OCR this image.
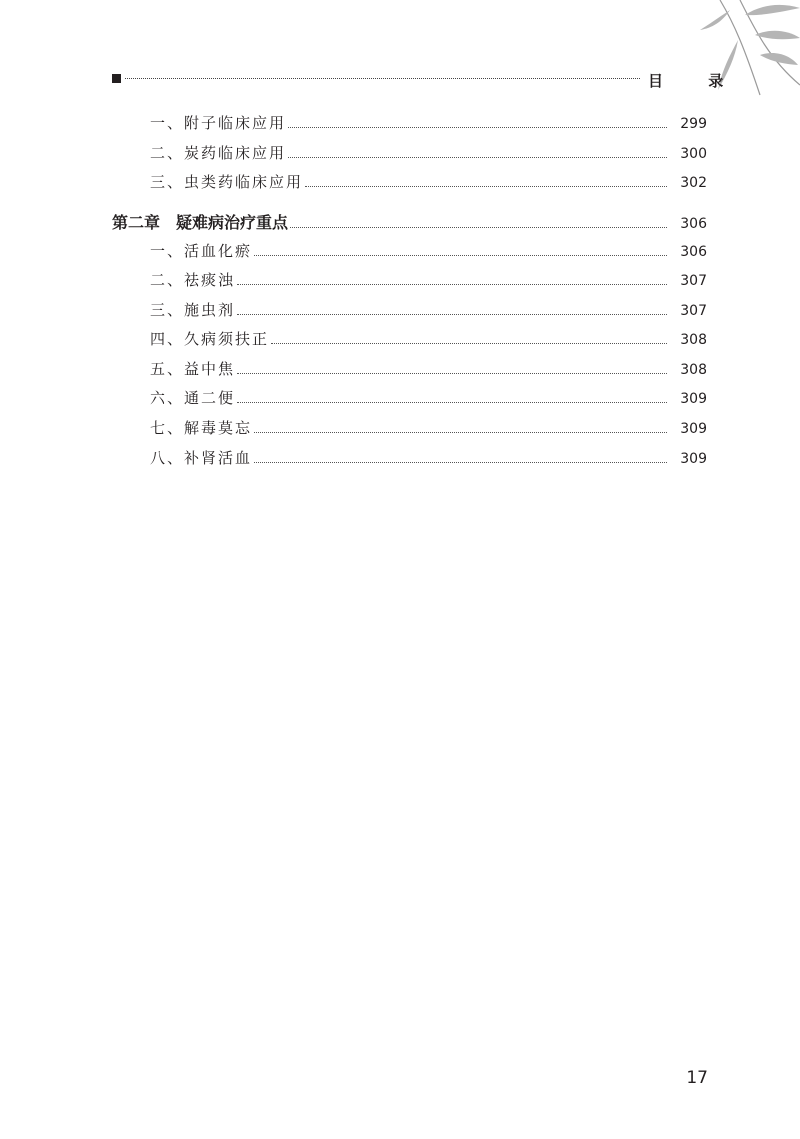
目 录
一、附子临床应用	299
二、炭药临床应用	300
三、虫类药临床应用	302
第二章　疑难病治疗重点	306
一、活血化瘀	306
二、祛痰浊	307
三、施虫剂	307
四、久病须扶正	308
五、益中焦	308
六、通二便	309
七、解毒莫忘	309
八、补肾活血	309
17
